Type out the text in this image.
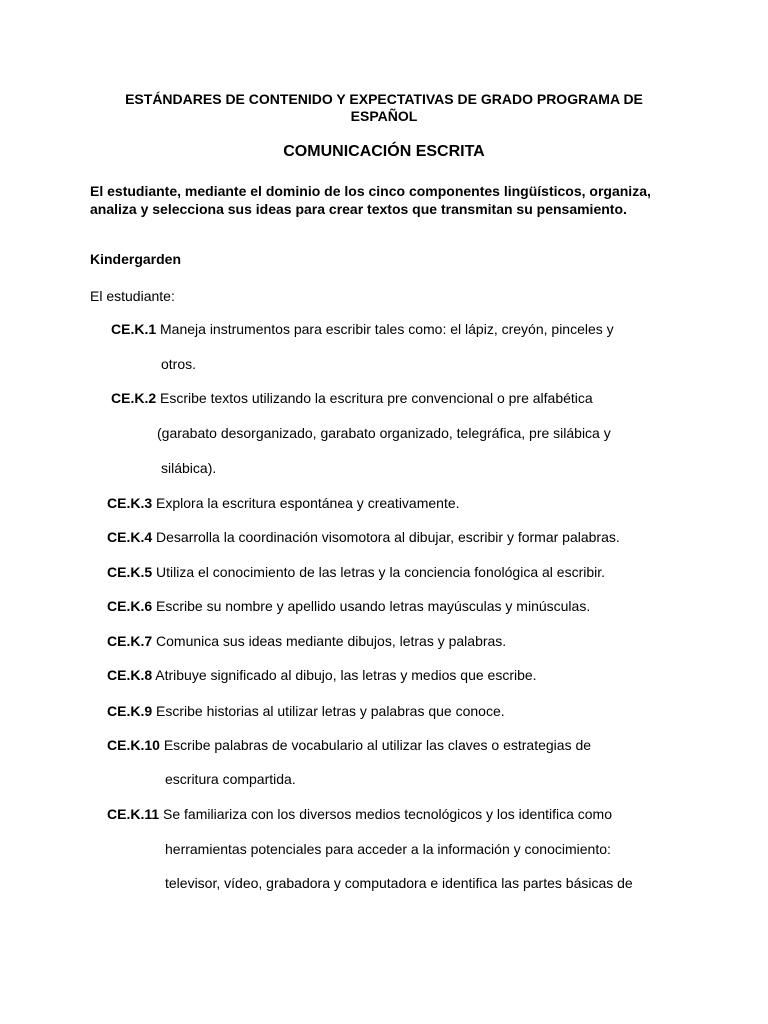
ESTÁNDARES DE CONTENIDO Y EXPECTATIVAS DE GRADO PROGRAMA DE
ESPAÑOL
COMUNICACIÓN ESCRITA
El estudiante, mediante el dominio de los cinco componentes lingüísticos, organiza, analiza y selecciona sus ideas para crear textos que transmitan su pensamiento.
Kindergarden
El estudiante:
CE.K.1 Maneja instrumentos para escribir tales como: el lápiz, creyón, pinceles y
otros.
CE.K.2 Escribe textos utilizando la escritura pre convencional o pre alfabética
(garabato desorganizado, garabato organizado, telegráfica, pre silábica y
silábica).
CE.K.3 Explora la escritura espontánea y creativamente.
CE.K.4 Desarrolla la coordinación visomotora al dibujar, escribir y formar palabras.
CE.K.5 Utiliza el conocimiento de las letras y la conciencia fonológica al escribir.
CE.K.6 Escribe su nombre y apellido usando letras mayúsculas y minúsculas.
CE.K.7 Comunica sus ideas mediante dibujos, letras y palabras.
CE.K.8 Atribuye significado al dibujo, las letras y medios que escribe.
CE.K.9 Escribe historias al utilizar letras y palabras que conoce.
CE.K.10 Escribe palabras de vocabulario al utilizar las claves o estrategias de
escritura compartida.
CE.K.11 Se familiariza con los diversos medios tecnológicos y los identifica como
herramientas potenciales para acceder a la información y conocimiento:
televisor, vídeo, grabadora y computadora e identifica las partes básicas de
